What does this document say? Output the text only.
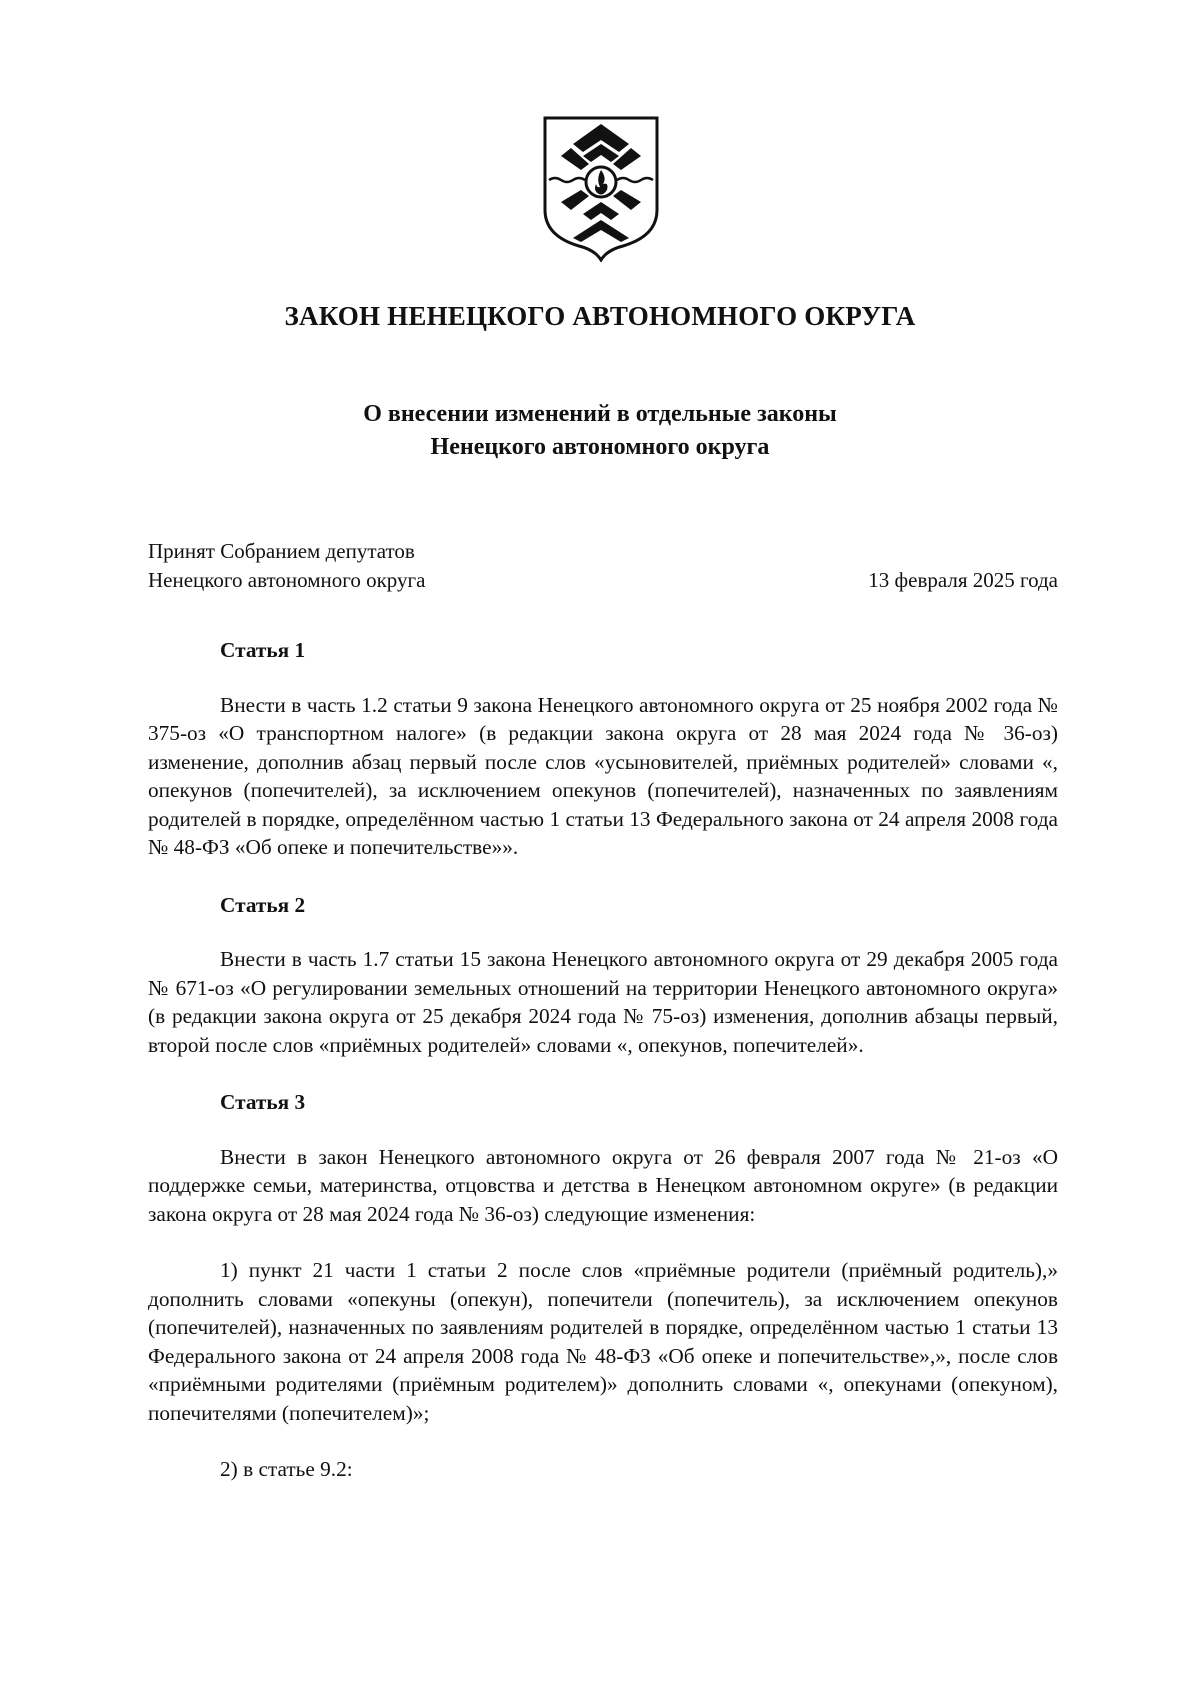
ЗАКОН НЕНЕЦКОГО АВТОНОМНОГО ОКРУГА
О внесении изменений в отдельные законы
Ненецкого автономного округа
Принят Собранием депутатов
Ненецкого автономного округа	13 февраля 2025 года
Статья 1

Внести в часть 1.2 статьи 9 закона Ненецкого автономного округа от 25 ноября 2002 года № 375-оз «О транспортном налоге» (в редакции закона округа от 28 мая 2024 года № 36-оз) изменение, дополнив абзац первый после слов «усыновителей, приёмных родителей» словами «, опекунов (попечителей), за исключением опекунов (попечителей), назначенных по заявлениям родителей в порядке, определённом частью 1 статьи 13 Федерального закона от 24 апреля 2008 года № 48-ФЗ «Об опеке и попечительстве»».

Статья 2

Внести в часть 1.7 статьи 15 закона Ненецкого автономного округа от 29 декабря 2005 года № 671-оз «О регулировании земельных отношений на территории Ненецкого автономного округа» (в редакции закона округа от 25 декабря 2024 года № 75-оз) изменения, дополнив абзацы первый, второй после слов «приёмных родителей» словами «, опекунов, попечителей».

Статья 3

Внести в закон Ненецкого автономного округа от 26 февраля 2007 года № 21-оз «О поддержке семьи, материнства, отцовства и детства в Ненецком автономном округе» (в редакции закона округа от 28 мая 2024 года № 36-оз) следующие изменения:

1) пункт 21 части 1 статьи 2 после слов «приёмные родители (приёмный родитель),» дополнить словами «опекуны (опекун), попечители (попечитель), за исключением опекунов (попечителей), назначенных по заявлениям родителей в порядке, определённом частью 1 статьи 13 Федерального закона от 24 апреля 2008 года № 48-ФЗ «Об опеке и попечительстве»,», после слов «приёмными родителями (приёмным родителем)» дополнить словами «, опекунами (опекуном), попечителями (попечителем)»;

2) в статье 9.2:
